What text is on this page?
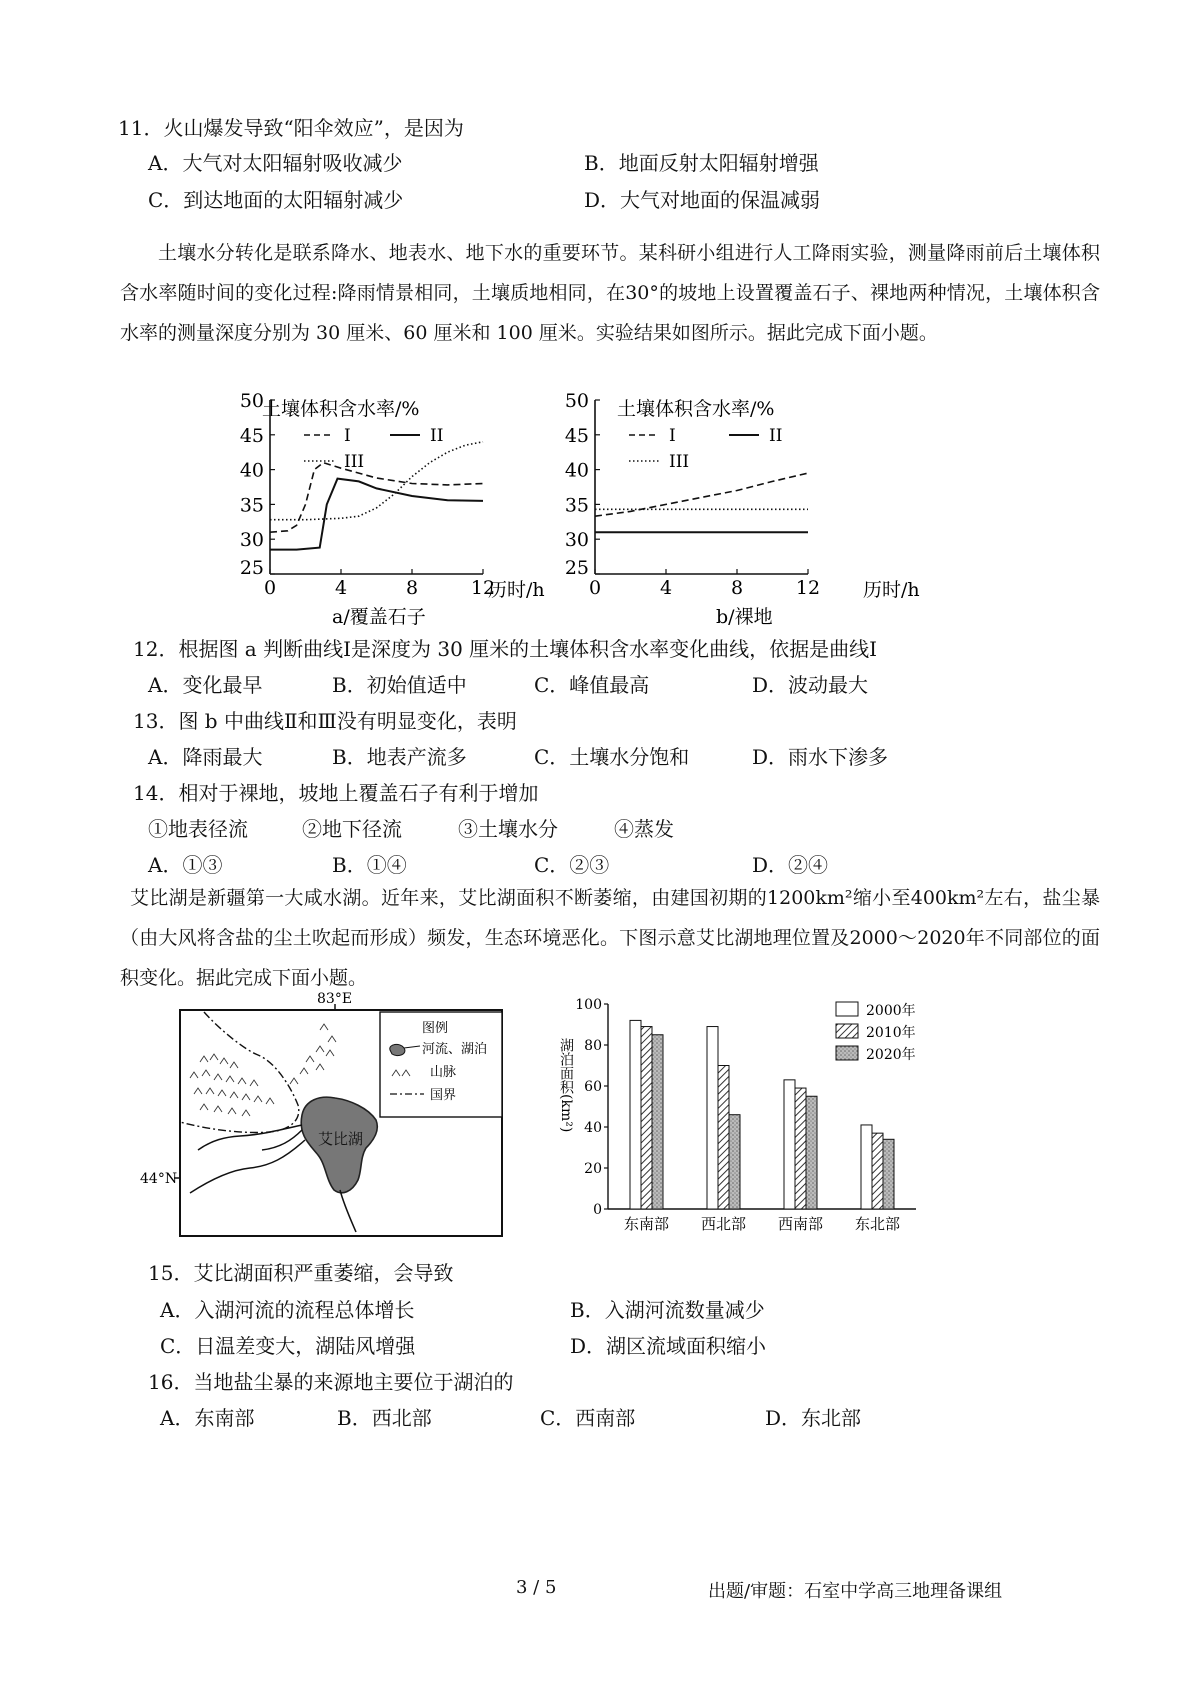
11．火山爆发导致“阳伞效应”，是因为
A．大气对太阳辐射吸收减少	B．地面反射太阳辐射增强
C．到达地面的太阳辐射减少	D．大气对地面的保温减弱
土壤水分转化是联系降水、地表水、地下水的重要环节。某科研小组进行人工降雨实验，测量降雨前后土壤体积含水率随时间的变化过程:降雨情景相同，土壤质地相同，在30°的坡地上设置覆盖石子、裸地两种情况，土壤体积含水率的测量深度分别为 30 厘米、60 厘米和 100 厘米。实验结果如图所示。据此完成下面小题。
土壤体积含水率/%
25
30
35
40
45
50
0	4	8	12
I	II
III
历时/h
a/覆盖石子
土壤体积含水率/%
25
30
35
40
45
50
0	4	8	12
I	II
III
历时/h
b/裸地
12．根据图 a 判断曲线Ⅰ是深度为 30 厘米的土壤体积含水率变化曲线，依据是曲线Ⅰ
A．变化最早	B．初始值适中	C．峰值最高	D．波动最大
13．图 b 中曲线Ⅱ和Ⅲ没有明显变化，表明
A．降雨最大	B．地表产流多	C．土壤水分饱和	D．雨水下渗多
14．相对于裸地，坡地上覆盖石子有利于增加
①地表径流	②地下径流	③土壤水分	④蒸发
A．①③	B．①④	C．②③	D．②④
艾比湖是新疆第一大咸水湖。近年来，艾比湖面积不断萎缩，由建国初期的1200km²缩小至400km²左右，盐尘暴（由大风将含盐的尘土吹起而形成）频发，生态环境恶化。下图示意艾比湖地理位置及2000～2020年不同部位的面积变化。据此完成下面小题。
83°E
44°N
艾比湖
图例
河流、湖泊
山脉
国界	湖泊面积(km²)
0
20
40
60
80
100
东南部 西北部 西南部 东北部
2000年
2010年
2020年
15．艾比湖面积严重萎缩，会导致
A．入湖河流的流程总体增长	B．入湖河流数量减少
C．日温差变大，湖陆风增强	D．湖区流域面积缩小
16．当地盐尘暴的来源地主要位于湖泊的
A．东南部	B．西北部	C．西南部	D．东北部
3 / 5	出题/审题：石室中学高三地理备课组
